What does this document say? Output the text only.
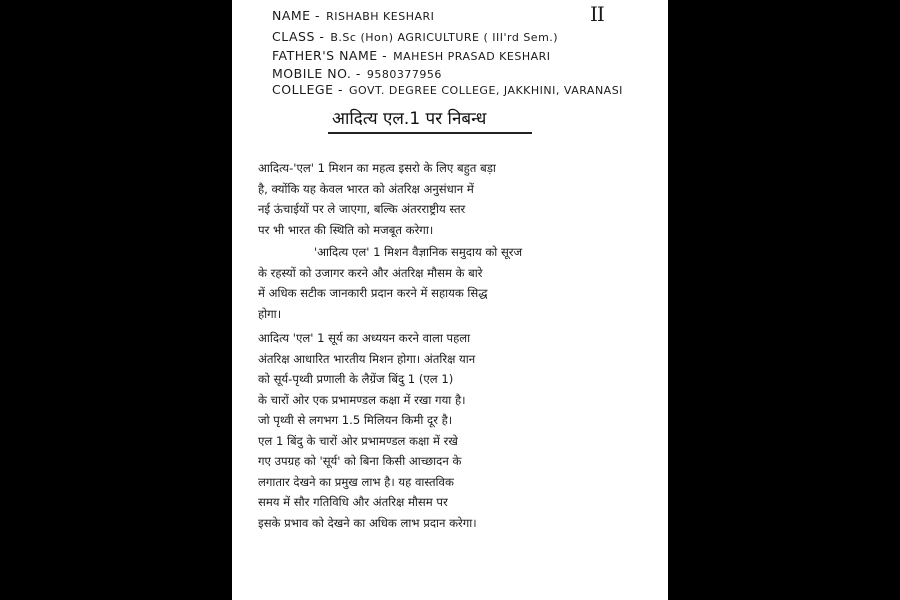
II
NAME - RISHABH KESHARI
CLASS - B.Sc (Hon) AGRICULTURE ( III'rd Sem.)
FATHER'S NAME - MAHESH PRASAD KESHARI
MOBILE NO. - 9580377956
COLLEGE - GOVT. DEGREE COLLEGE, JAKKHINI, VARANASI
आदित्य एल.1 पर निबन्ध
आदित्य-'एल' 1 मिशन का महत्व इसरो के लिए बहुत बड़ा
है, क्योंकि यह केवल भारत को अंतरिक्ष अनुसंधान में
नई ऊंचाईयों पर ले जाएगा, बल्कि अंतरराष्ट्रीय स्तर
पर भी भारत की स्थिति को मजबूत करेगा।
'आदित्य एल' 1 मिशन वैज्ञानिक समुदाय को सूरज
के रहस्यों को उजागर करने और अंतरिक्ष मौसम के बारे
में अधिक सटीक जानकारी प्रदान करने में सहायक सिद्ध
होगा।
आदित्य 'एल' 1 सूर्य का अध्ययन करने वाला पहला
अंतरिक्ष आधारित भारतीय मिशन होगा। अंतरिक्ष यान
को सूर्य-पृथ्वी प्रणाली के लैग्रेंज बिंदु 1 (एल 1)
के चारों ओर एक प्रभामण्डल कक्षा में रखा गया है।
जो पृथ्वी से लगभग 1.5 मिलियन किमी दूर है।
एल 1 बिंदु के चारों ओर प्रभामण्डल कक्षा में रखे
गए उपग्रह को 'सूर्य' को बिना किसी आच्छादन के
लगातार देखने का प्रमुख लाभ है। यह वास्तविक
समय में सौर गतिविधि और अंतरिक्ष मौसम पर
इसके प्रभाव को देखने का अधिक लाभ प्रदान करेगा।
